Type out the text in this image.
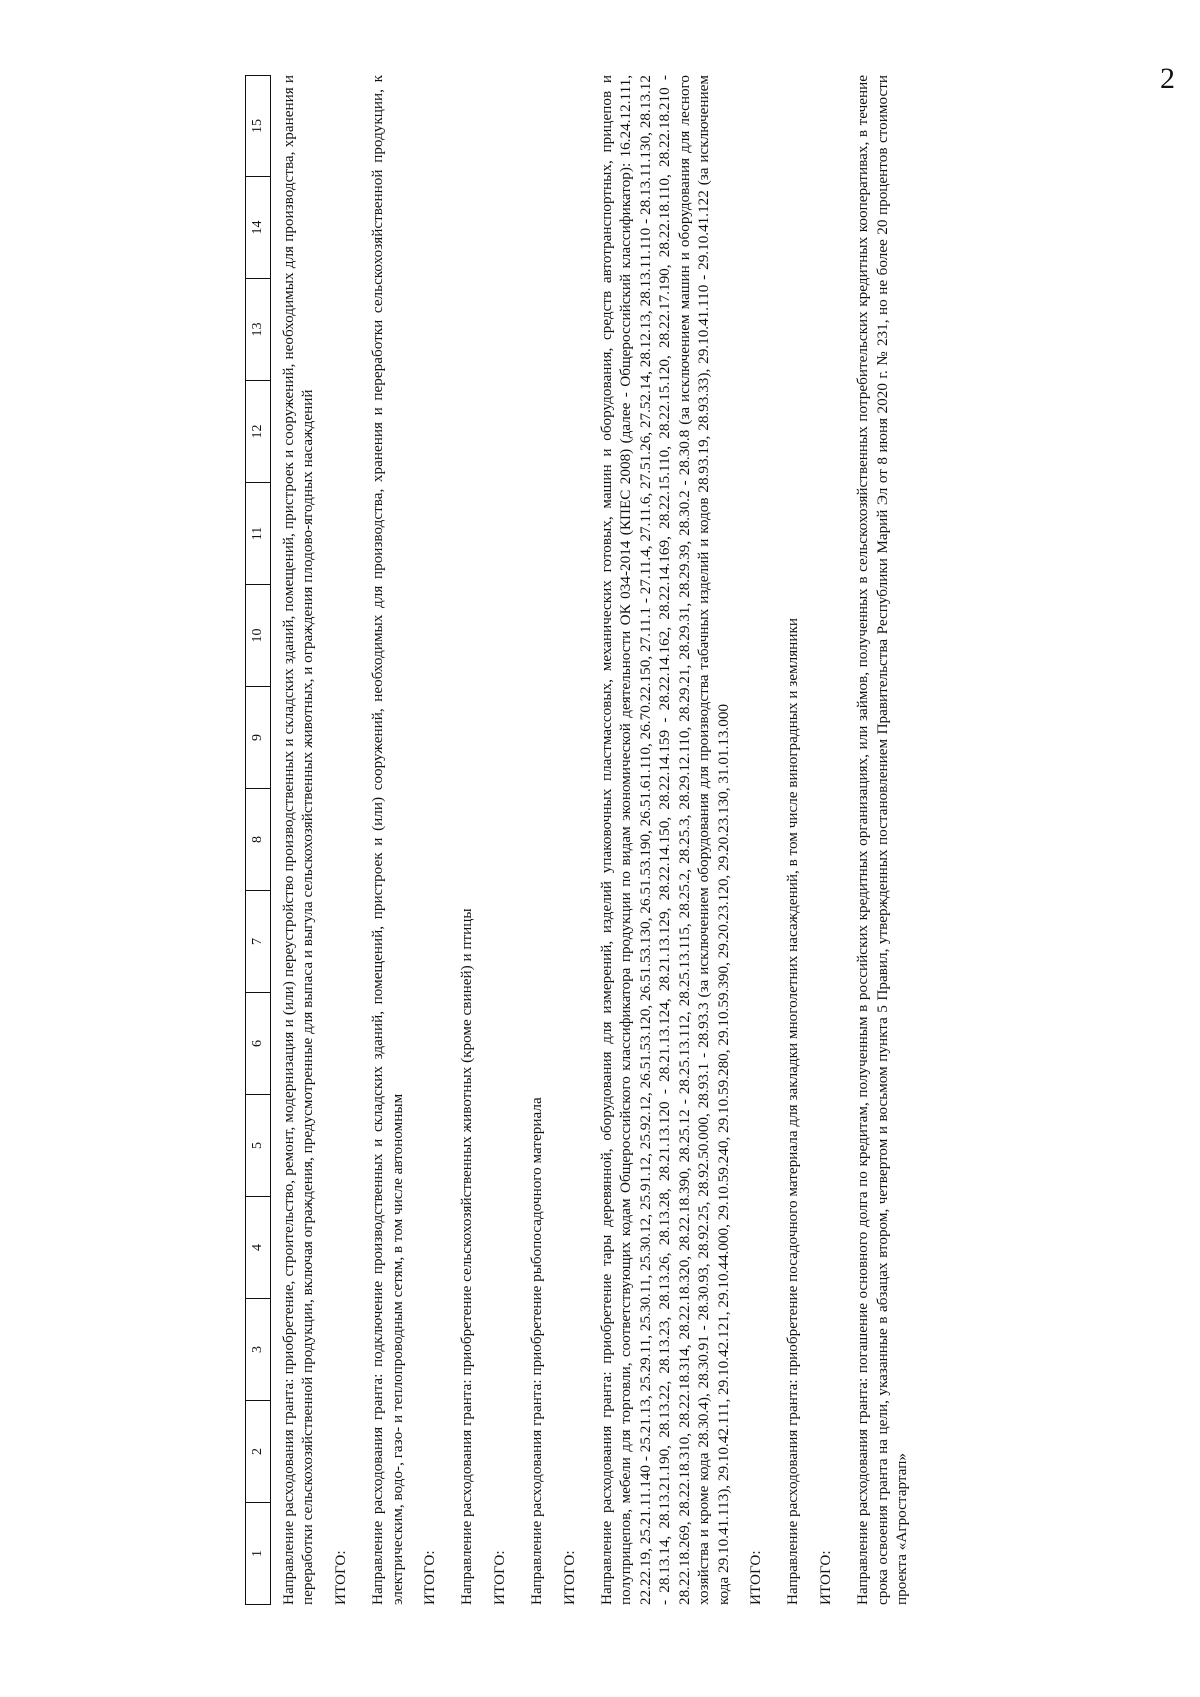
2
1
2
3
4
5
6
7
8
9
10
11
12
13
14
15 Направление расходования гранта: приобретение, строительство, ремонт, модернизация и (или) переустройство производственных и складских зданий, помещений, пристроек и сооружений, необходимых для производства, хранения и переработки сельскохозяйственной продукции, включая ограждения, предусмотренные для выпаса и выгула сельскохозяйственных животных, и ограждения плодово-ягодных насаждений ИТОГО: Направление расходования гранта: подключение производственных и складских зданий, помещений, пристроек и (или) сооружений, необходимых для производства, хранения и переработки сельскохозяйственной продукции, к электрическим, водо-, газо- и теплопроводным сетям, в том числе автономным ИТОГО: Направление расходования гранта: приобретение сельскохозяйственных животных (кроме свиней) и птицы ИТОГО: Направление расходования гранта: приобретение рыбопосадочного материала ИТОГО: Направление расходования гранта: приобретение тары деревянной, оборудования для измерений, изделий упаковочных пластмассовых, механических готовых, машин и оборудования, средств автотранспортных, прицепов и полуприцепов, мебели для торговли, соответствующих кодам Общероссийского классификатора продукции по видам экономической деятельности ОК 034-2014 (КПЕС 2008) (далее - Общероссийский классификатор): 16.24.12.111, 22.22.19, 25.21.11.140 - 25.21.13, 25.29.11, 25.30.11, 25.30.12, 25.91.12, 25.92.12, 26.51.53.120, 26.51.53.130, 26.51.53.190, 26.51.61.110, 26.70.22.150, 27.11.1 - 27.11.4, 27.11.6, 27.51.26, 27.52.14, 28.12.13, 28.13.11.110 - 28.13.11.130, 28.13.12 - 28.13.14, 28.13.21.190, 28.13.22, 28.13.23, 28.13.26, 28.13.28, 28.21.13.120 - 28.21.13.124, 28.21.13.129, 28.22.14.150, 28.22.14.159 - 28.22.14.162, 28.22.14.169, 28.22.15.110, 28.22.15.120, 28.22.17.190, 28.22.18.110, 28.22.18.210 - 28.22.18.269, 28.22.18.310, 28.22.18.314, 28.22.18.320, 28.22.18.390, 28.25.12 - 28.25.13.112, 28.25.13.115, 28.25.2, 28.25.3, 28.29.12.110, 28.29.21, 28.29.31, 28.29.39, 28.30.2 - 28.30.8 (за исключением машин и оборудования для лесного хозяйства и кроме кода 28.30.4), 28.30.91 - 28.30.93, 28.92.25, 28.92.50.000, 28.93.1 - 28.93.3 (за исключением оборудования для производства табачных изделий и кодов 28.93.19, 28.93.33), 29.10.41.110 - 29.10.41.122 (за исключением кода 29.10.41.113), 29.10.42.111, 29.10.42.121, 29.10.44.000, 29.10.59.240, 29.10.59.280, 29.10.59.390, 29.20.23.120, 29.20.23.130, 31.01.13.000 ИТОГО: Направление расходования гранта: приобретение посадочного материала для закладки многолетних насаждений, в том числе виноградных и земляники ИТОГО: Направление расходования гранта: погашение основного долга по кредитам, полученным в российских кредитных организациях, или займов, полученных в сельскохозяйственных потребительских кредитных кооперативах, в течение срока освоения гранта на цели, указанные в абзацах втором, четвертом и восьмом пункта 5 Правил, утвержденных постановлением Правительства Республики Марий Эл от 8 июня 2020 г. № 231, но не более 20 процентов стоимости проекта «Агростартап»
